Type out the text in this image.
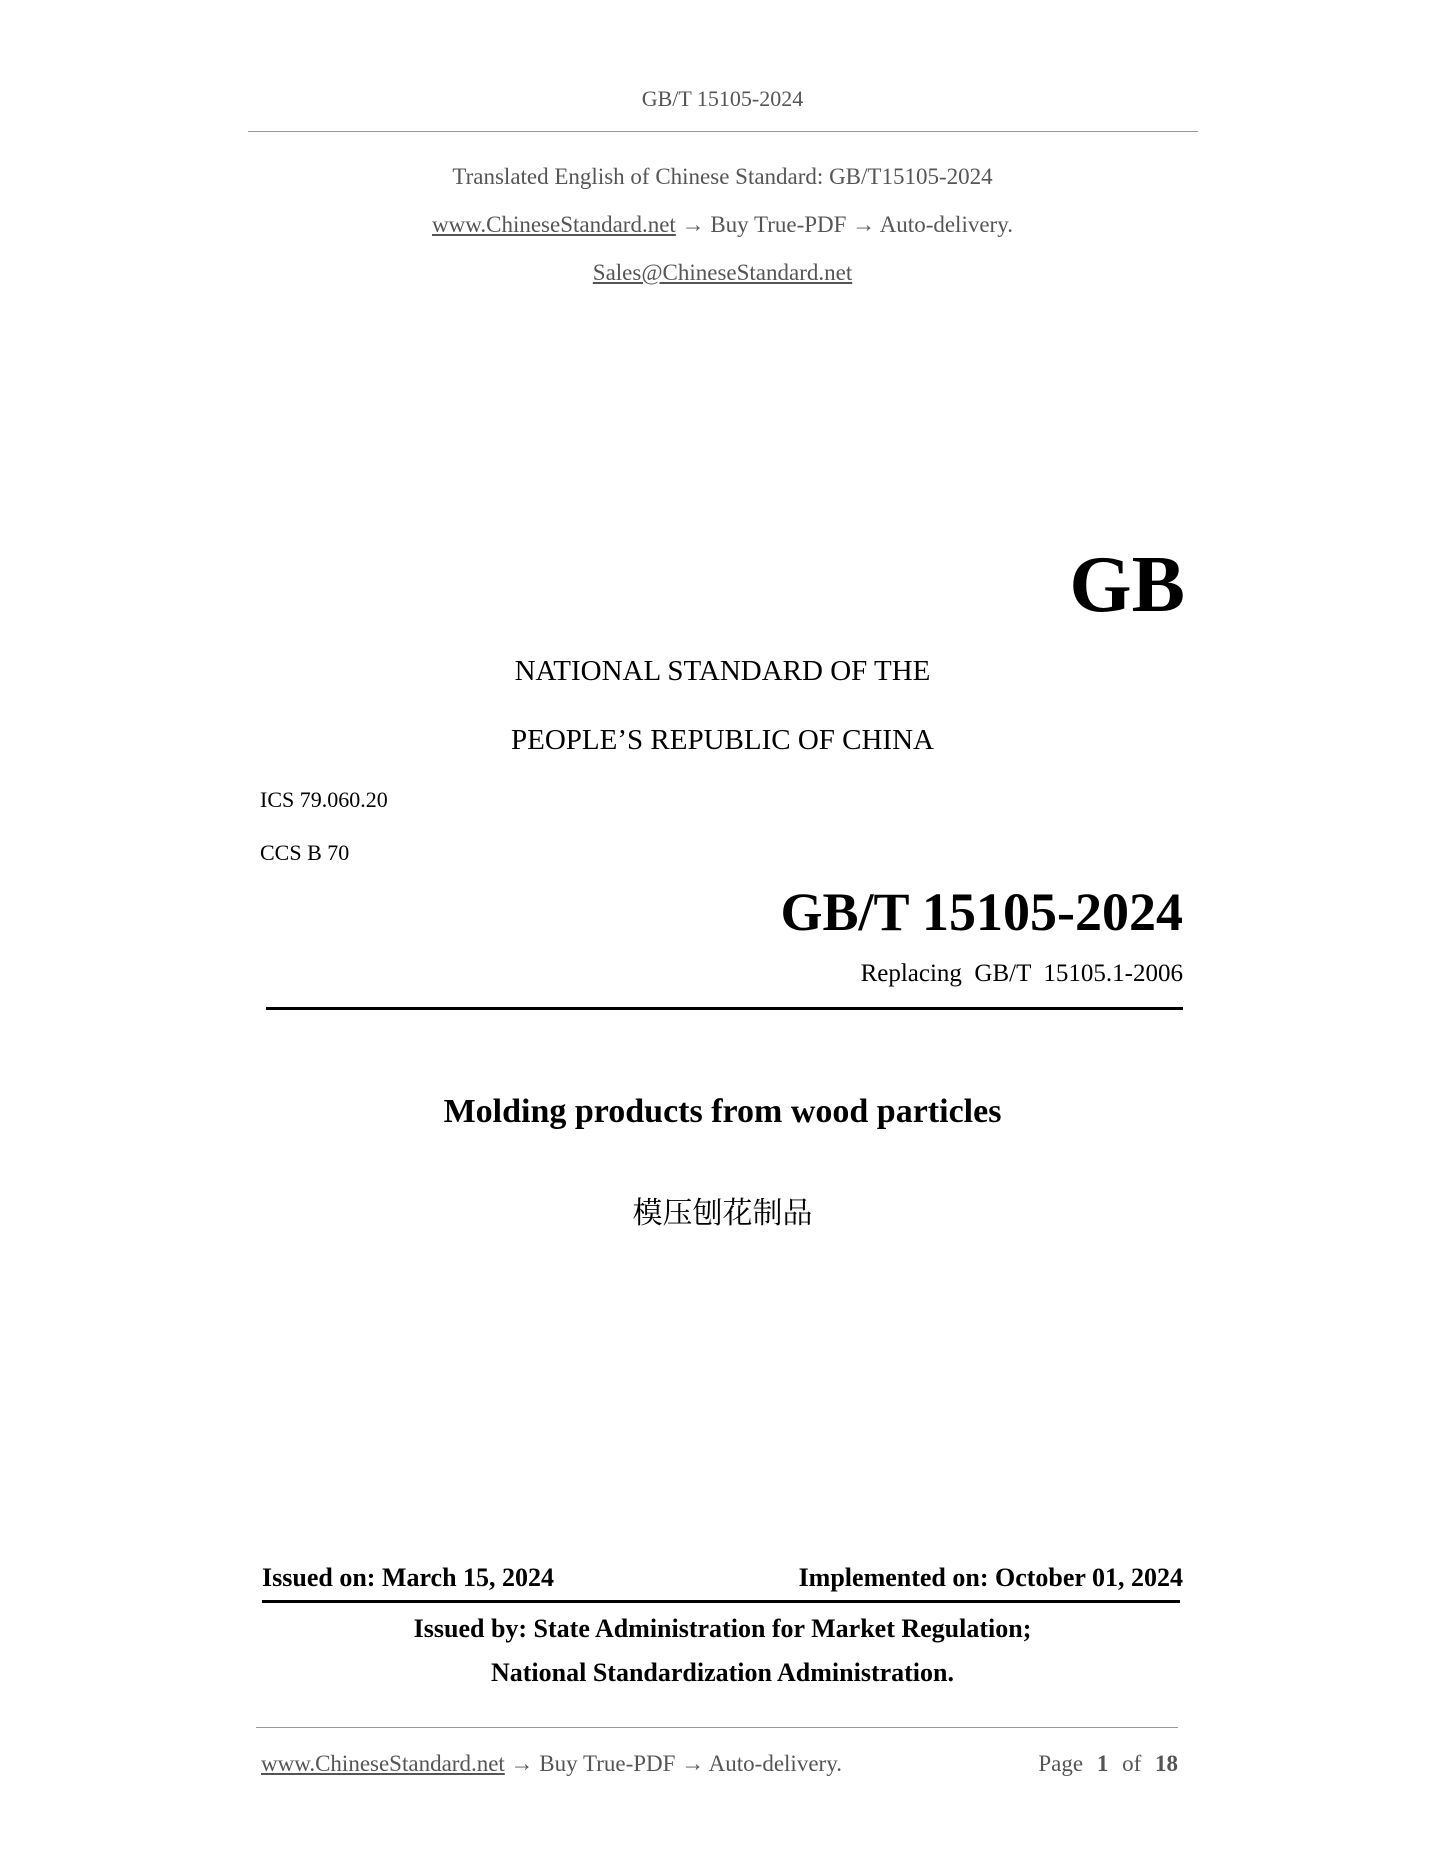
GB/T 15105-2024
Translated English of Chinese Standard: GB/T15105-2024
www.ChineseStandard.net → Buy True-PDF → Auto-delivery.
Sales@ChineseStandard.net
GB
NATIONAL STANDARD OF THE
PEOPLE’S REPUBLIC OF CHINA
ICS 79.060.20
CCS B 70
GB/T 15105-2024
Replacing  GB/T  15105.1-2006
Molding products from wood particles
模压刨花制品
Issued on: March 15, 2024	Implemented on: October 01, 2024
Issued by: State Administration for Market Regulation;
National Standardization Administration.
www.ChineseStandard.net → Buy True-PDF → Auto-delivery.	Page 1 of 18
